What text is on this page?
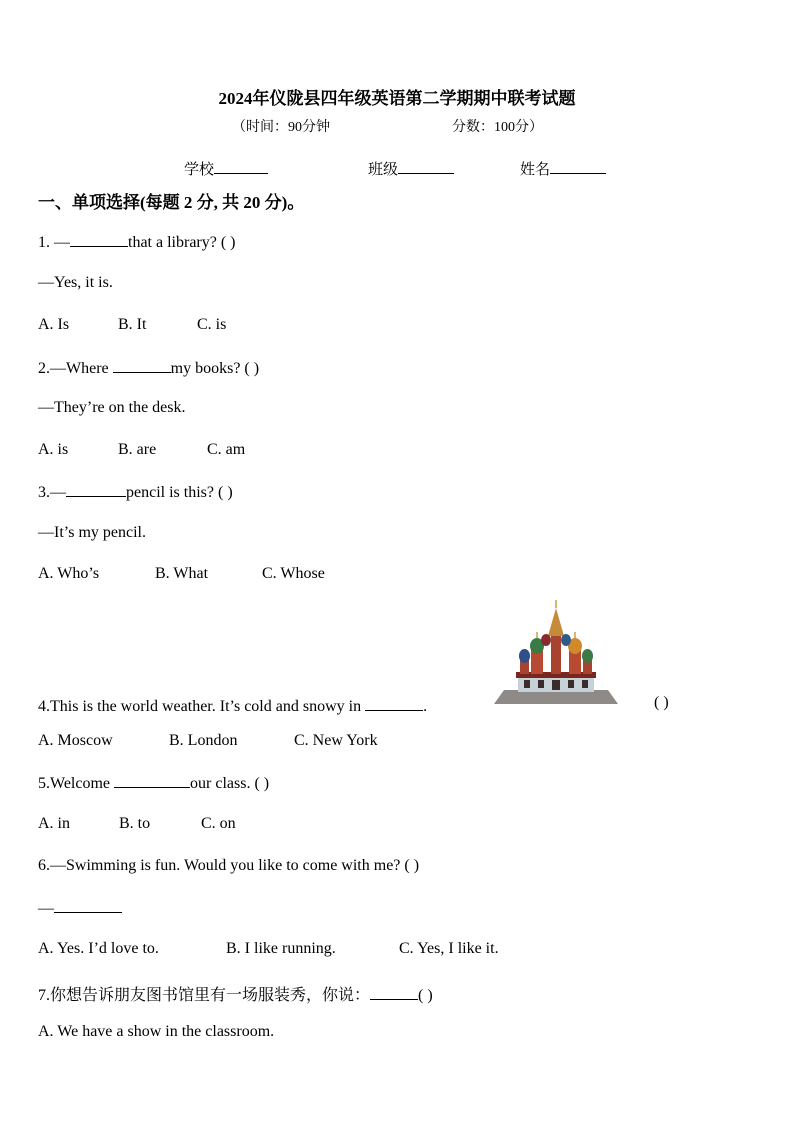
2024年仪陇县四年级英语第二学期期中联考试题
（时间：90分钟	分数：100分）
学校	班级	姓名
一、单项选择(每题 2 分, 共 20 分)。
1. —	that a library? ( )
—Yes, it is.
A. Is	B. It	C. is
2.—Where	my books? ( )
—They’re on the desk.
A. is	B. are	C. am
3.—	pencil is this? ( )
—It’s my pencil.
A. Who’s	B. What	C. Whose
4.This is the world weather. It’s cold and snowy in	.	( )
A. Moscow	B. London	C. New York
5.Welcome	our class. ( )
A. in	B. to	C. on
6.—Swimming is fun. Would you like to come with me? ( )
—
A. Yes. I’d love to.	B. I like running.	C. Yes, I like it.
7.你想告诉朋友图书馆里有一场服装秀，你说：	( )
A. We have a show in the classroom.
